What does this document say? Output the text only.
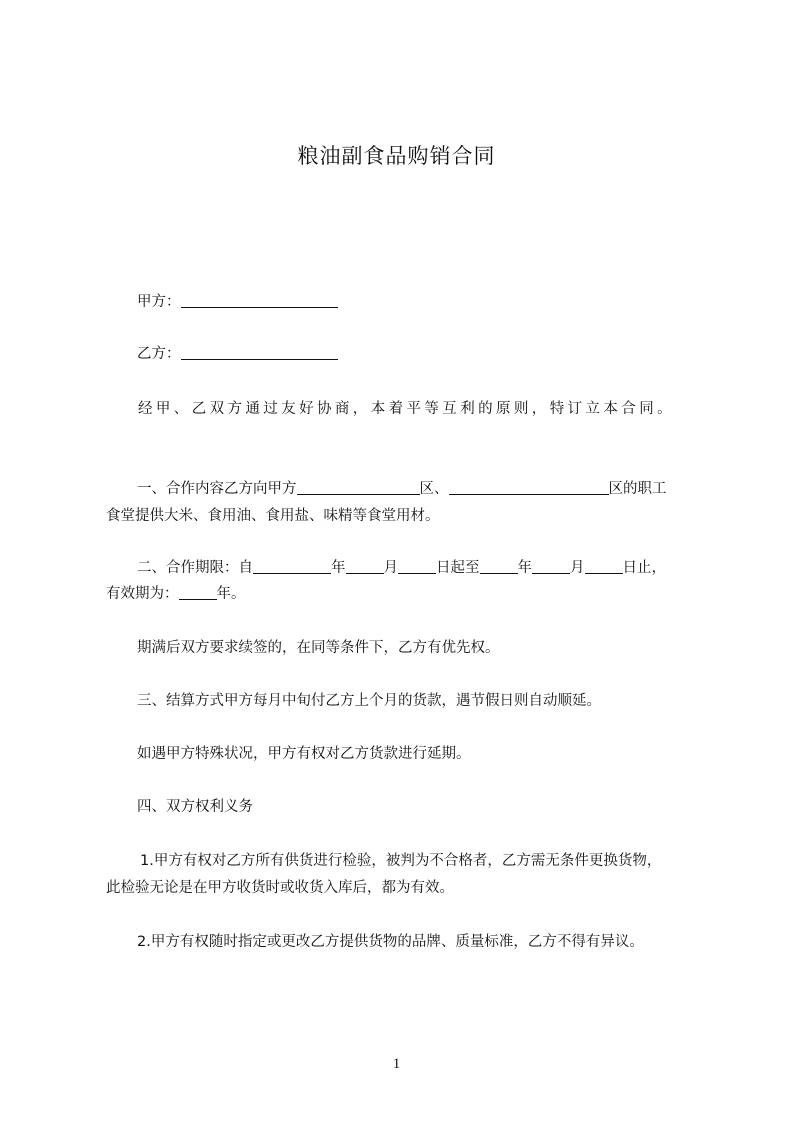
粮油副食品购销合同
甲方：
乙方：
经甲、乙双方通过友好协商，本着平等互利的原则，特订立本合同。
一、合作内容乙方向甲方	区、	区的职工
食堂提供大米、食用油、食用盐、味精等食堂用材。
二、合作期限：自	年	月	日起至	年	月	日止，
有效期为：	年。
期满后双方要求续签的，在同等条件下，乙方有优先权。
三、结算方式甲方每月中旬付乙方上个月的货款，遇节假日则自动顺延。
如遇甲方特殊状况，甲方有权对乙方货款进行延期。
四、双方权利义务
1.甲方有权对乙方所有供货进行检验，被判为不合格者，乙方需无条件更换货物，
此检验无论是在甲方收货时或收货入库后，都为有效。
2.甲方有权随时指定或更改乙方提供货物的品牌、质量标准，乙方不得有异议。
1
